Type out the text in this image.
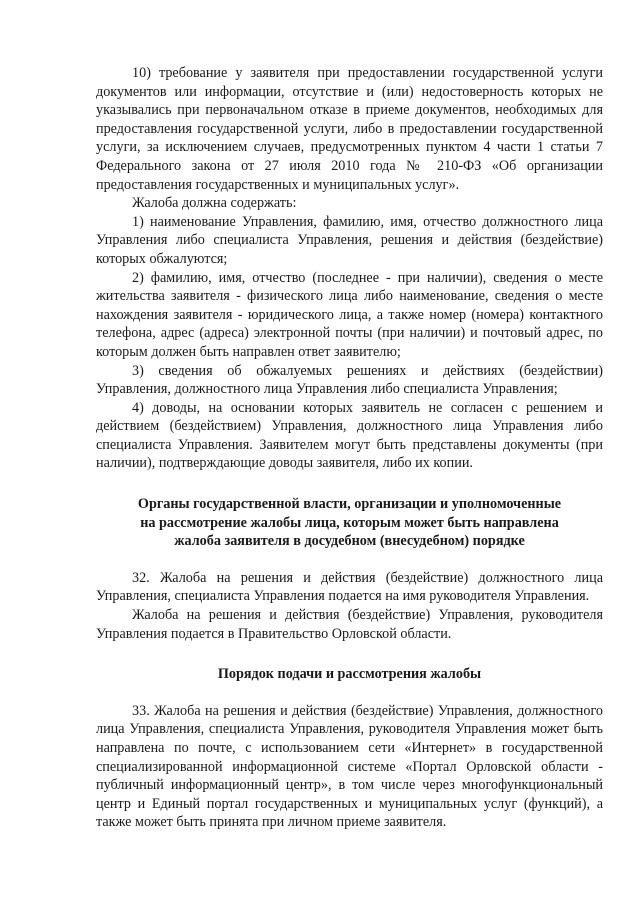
10) требование у заявителя при предоставлении государственной услуги документов или информации, отсутствие и (или) недостоверность которых не указывались при первоначальном отказе в приеме документов, необходимых для предоставления государственной услуги, либо в предоставлении государственной услуги, за исключением случаев, предусмотренных пунктом 4 части 1 статьи 7 Федерального закона от 27 июля 2010 года № 210-ФЗ «Об организации предоставления государственных и муниципальных услуг».

Жалоба должна содержать:

1) наименование Управления, фамилию, имя, отчество должностного лица Управления либо специалиста Управления, решения и действия (бездействие) которых обжалуются;

2) фамилию, имя, отчество (последнее - при наличии), сведения о месте жительства заявителя - физического лица либо наименование, сведения о месте нахождения заявителя - юридического лица, а также номер (номера) контактного телефона, адрес (адреса) электронной почты (при наличии) и почтовый адрес, по которым должен быть направлен ответ заявителю;

3) сведения об обжалуемых решениях и действиях (бездействии) Управления, должностного лица Управления либо специалиста Управления;

4) доводы, на основании которых заявитель не согласен с решением и действием (бездействием) Управления, должностного лица Управления либо специалиста Управления. Заявителем могут быть представлены документы (при наличии), подтверждающие доводы заявителя, либо их копии.

Органы государственной власти, организации и уполномоченные
на рассмотрение жалобы лица, которым может быть направлена
жалоба заявителя в досудебном (внесудебном) порядке

32. Жалоба на решения и действия (бездействие) должностного лица Управления, специалиста Управления подается на имя руководителя Управления.

Жалоба на решения и действия (бездействие) Управления, руководителя Управления подается в Правительство Орловской области.

Порядок подачи и рассмотрения жалобы

33. Жалоба на решения и действия (бездействие) Управления, должностного лица Управления, специалиста Управления, руководителя Управления может быть направлена по почте, с использованием сети «Интернет» в государственной специализированной информационной системе «Портал Орловской области - публичный информационный центр», в том числе через многофункциональный центр и Единый портал государственных и муниципальных услуг (функций), а также может быть принята при личном приеме заявителя.
